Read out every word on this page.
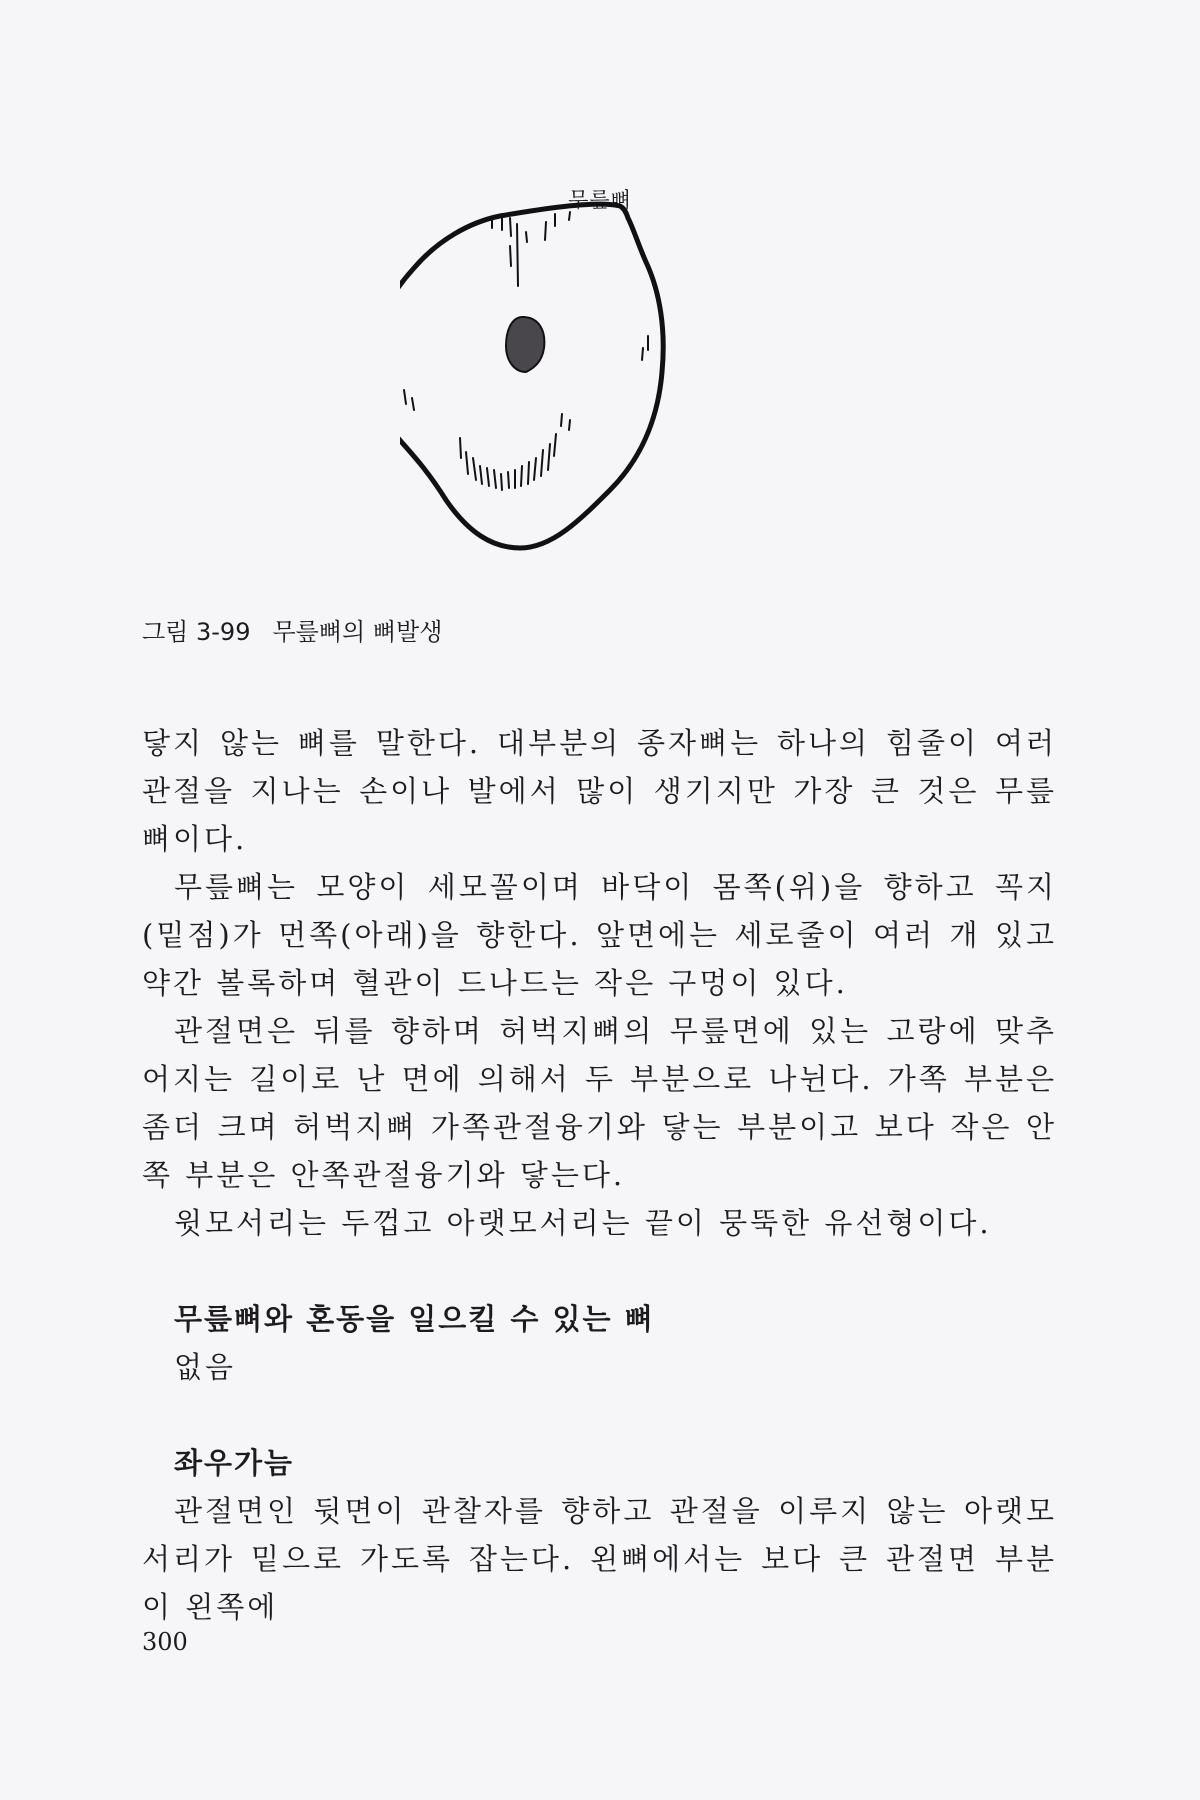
무릎뼈
그림 3-99 무릎뼈의 뼈발생

닿지 않는 뼈를 말한다. 대부분의 종자뼈는 하나의 힘줄이 여러 관절을 지나는 손이나 발에서 많이 생기지만 가장 큰 것은 무릎뼈이다.

무릎뼈는 모양이 세모꼴이며 바닥이 몸쪽(위)을 향하고 꼭지(밑점)가 먼쪽(아래)을 향한다. 앞면에는 세로줄이 여러 개 있고 약간 볼록하며 혈관이 드나드는 작은 구멍이 있다.

관절면은 뒤를 향하며 허벅지뼈의 무릎면에 있는 고랑에 맞추어지는 길이로 난 면에 의해서 두 부분으로 나뉜다. 가쪽 부분은 좀더 크며 허벅지뼈 가쪽관절융기와 닿는 부분이고 보다 작은 안쪽 부분은 안쪽관절융기와 닿는다.

윗모서리는 두껍고 아랫모서리는 끝이 뭉뚝한 유선형이다.

무릎뼈와 혼동을 일으킬 수 있는 뼈

없음

좌우가늠

관절면인 뒷면이 관찰자를 향하고 관절을 이루지 않는 아랫모서리가 밑으로 가도록 잡는다. 왼뼈에서는 보다 큰 관절면 부분이 왼쪽에

300
